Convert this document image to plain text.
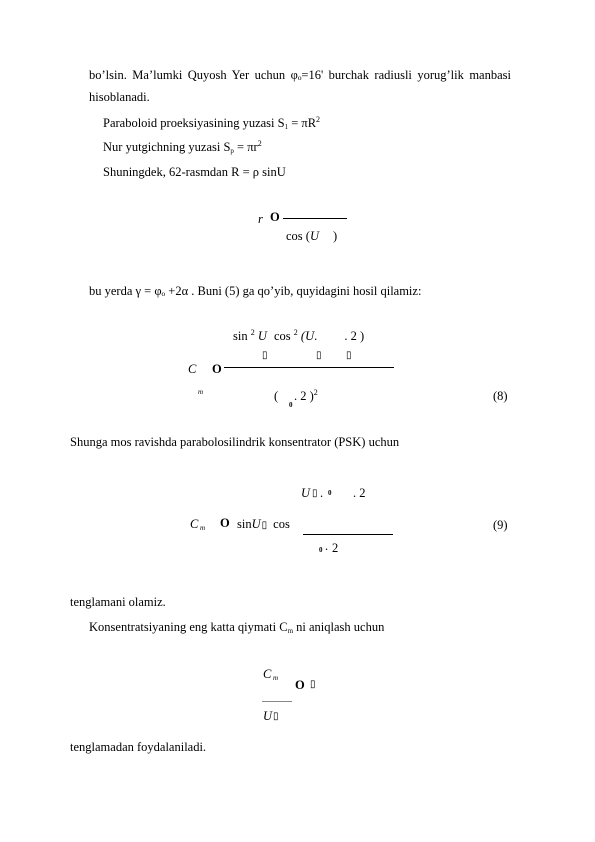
bo’lsin. Ma’lumki Quyosh Yer uchun φₒ=16' burchak radiusli yorug’lik manbasi hisoblanadi.
Paraboloid proeksiyasining yuzasi $S_1 = \pi R^2$
Nur yutgichning yuzasi $S_p = \pi r^2$
Shuningdek, 62-rasmdan R = ρ sinU
r O
cos (U )
bu yerda γ = φₒ +2α . Buni (5) ga qo’yib, quyidagini hosil qilamiz:
sin $^2$ U cos $^2$ (U. . 2 )
▯	▯ ▯
C
m
O
(
0
. 2 )$^2$	(8)
Shunga mos ravishda parabolosilindrik konsentrator (PSK) uchun
U ▯ . 0 . 2
C m O sinU▯ cos
0 . 2
(9)
tenglamani olamiz.
Konsentratsiyaning eng katta qiymati $C_m$ ni aniqlash uchun
C m O ▯
U ▯
tenglamadan foydalaniladi.
